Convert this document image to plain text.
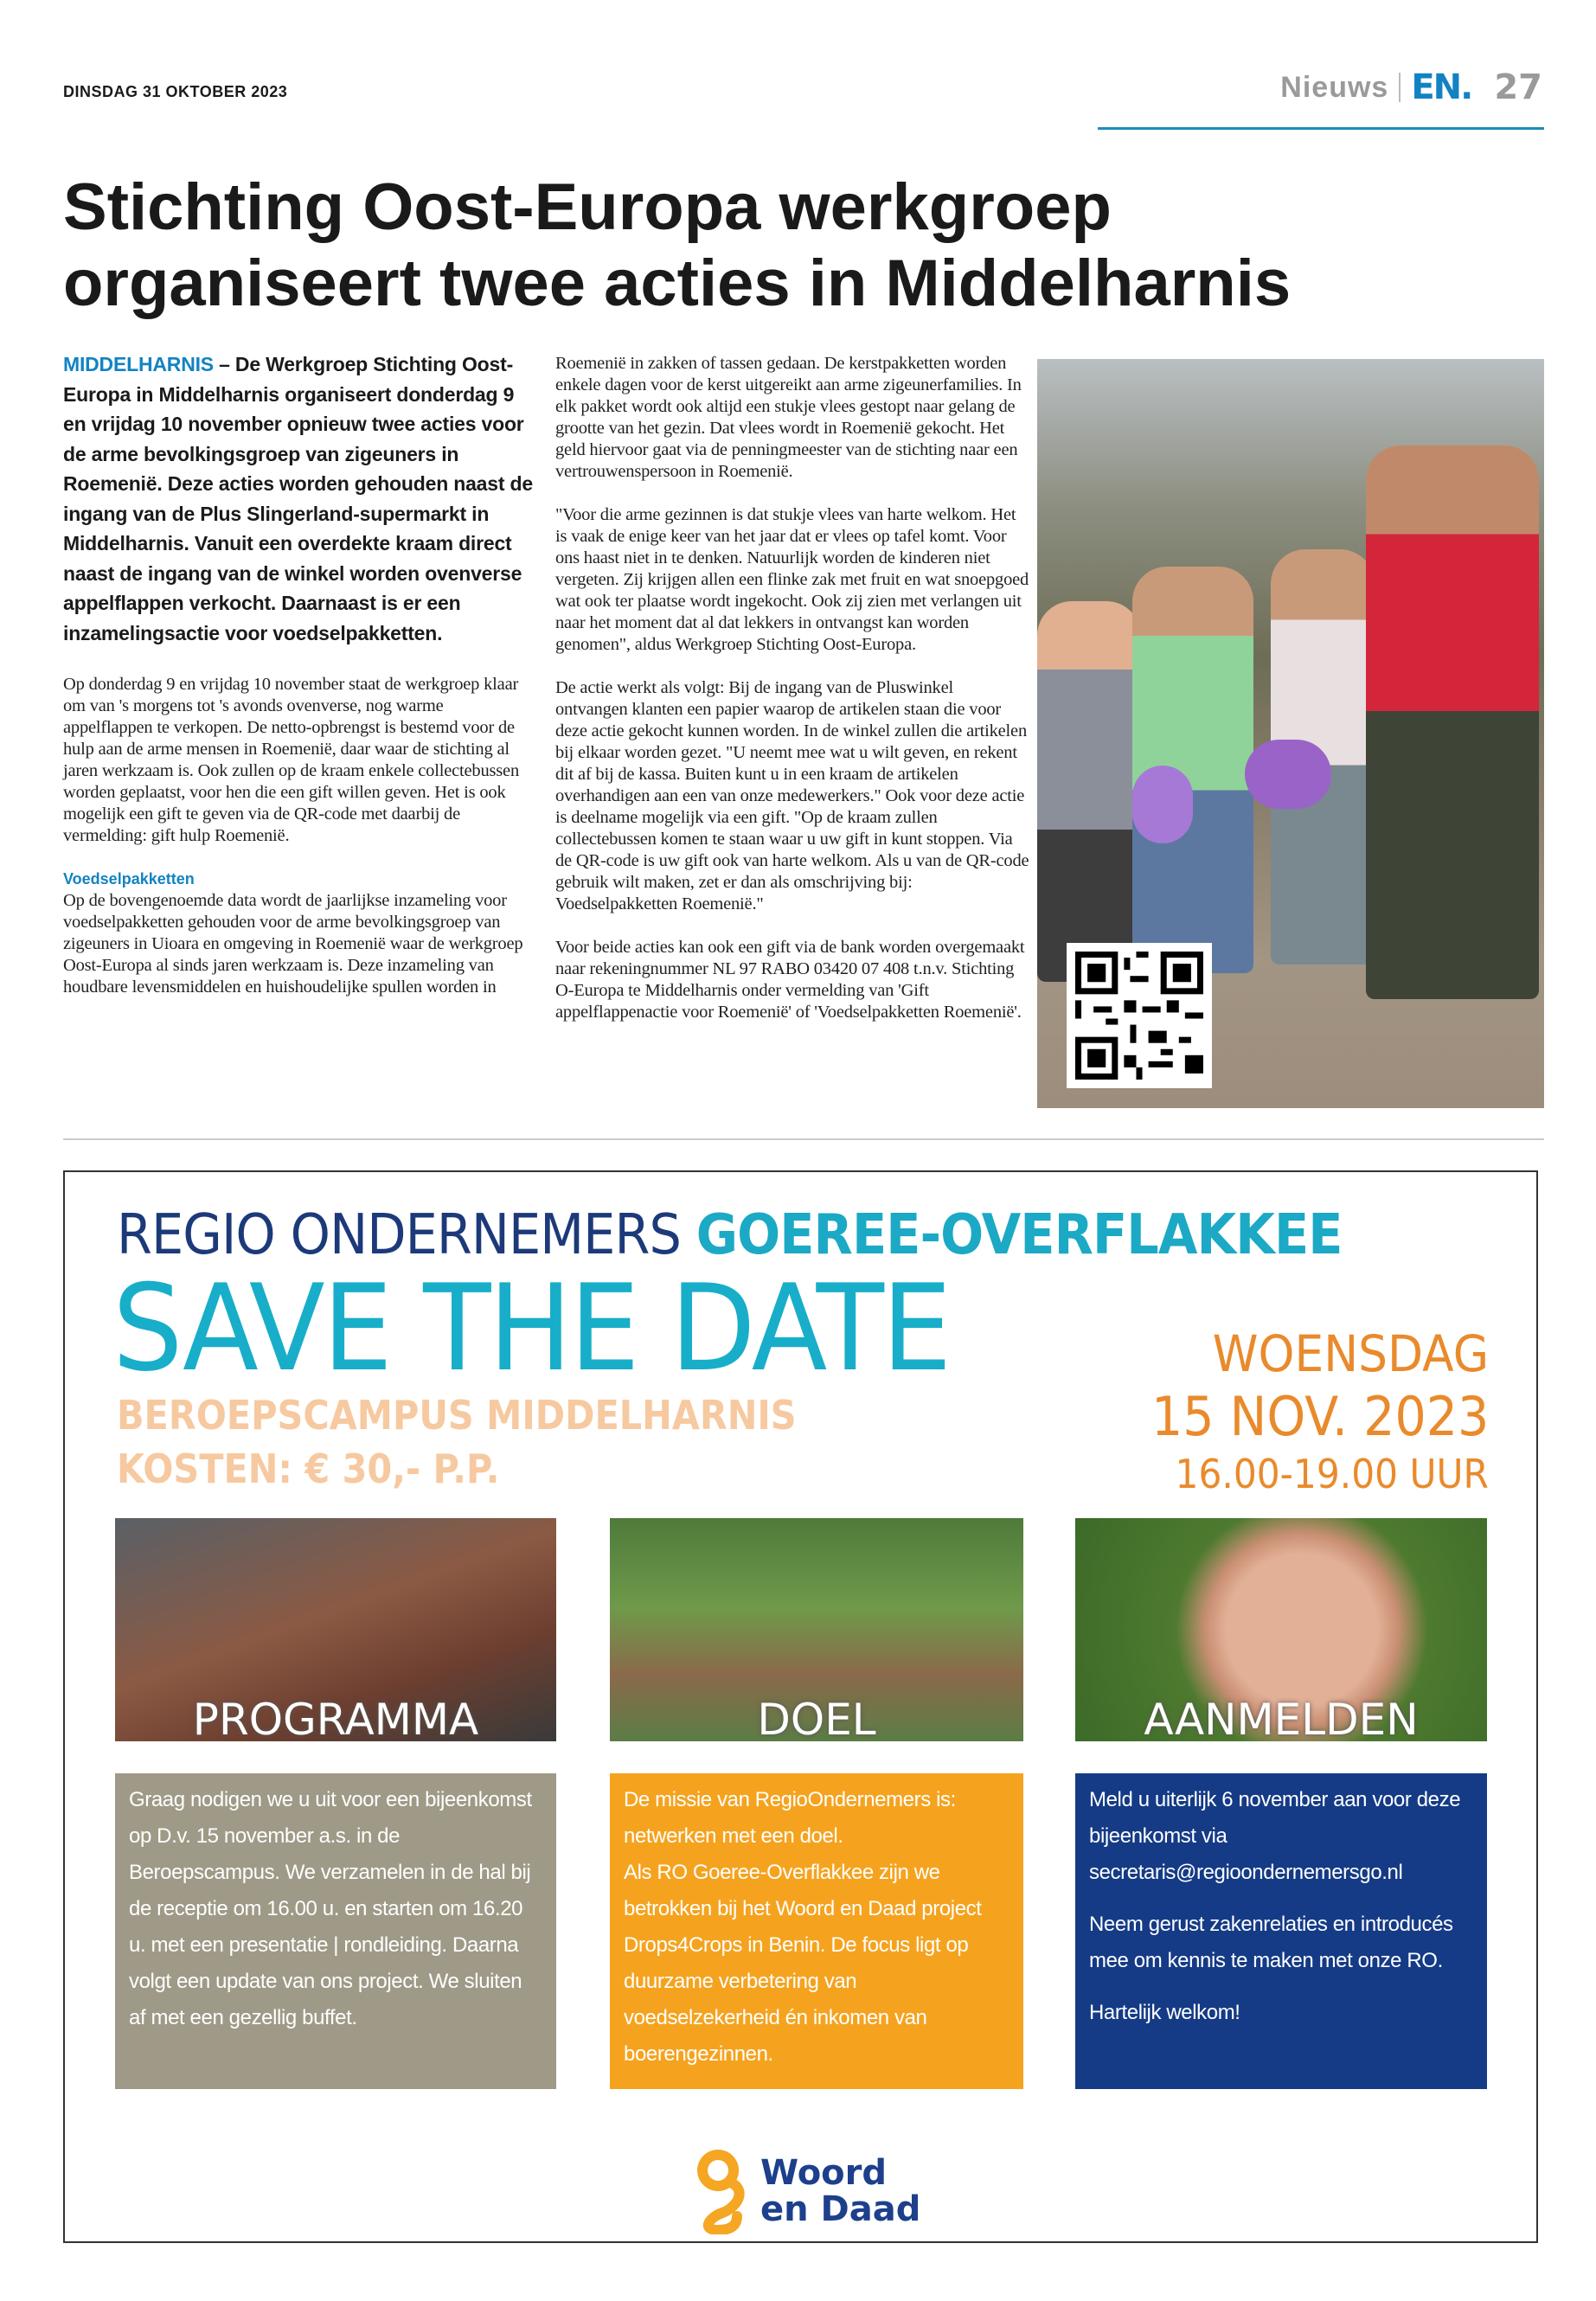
DINSDAG 31 OKTOBER 2023	Nieuws EN. 27
Stichting Oost-Europa werkgroep
organiseert twee acties in Middelharnis

MIDDELHARNIS – De Werkgroep Stichting Oost-Europa in Middelharnis organiseert donderdag 9 en vrijdag 10 november opnieuw twee acties voor de arme bevolkingsgroep van zigeuners in Roemenië. Deze acties worden gehouden naast de ingang van de Plus Slingerland-supermarkt in Middelharnis. Vanuit een overdekte kraam direct naast de ingang van de winkel worden ovenverse appelflappen verkocht. Daarnaast is er een inzamelingsactie voor voedselpakketten.

Op donderdag 9 en vrijdag 10 november staat de werkgroep klaar om van 's morgens tot 's avonds ovenverse, nog warme appelflappen te verkopen. De netto-opbrengst is bestemd voor de hulp aan de arme mensen in Roemenië, daar waar de stichting al jaren werkzaam is. Ook zullen op de kraam enkele collectebussen worden geplaatst, voor hen die een gift willen geven. Het is ook mogelijk een gift te geven via de QR-code met daarbij de vermelding: gift hulp Roemenië.

Voedselpakketten

Op de bovengenoemde data wordt de jaarlijkse inzameling voor voedselpakketten gehouden voor de arme bevolkingsgroep van zigeuners in Uioara en omgeving in Roemenië waar de werkgroep Oost-Europa al sinds jaren werkzaam is. Deze inzameling van houdbare levensmiddelen en huishoudelijke spullen worden in

Roemenië in zakken of tassen gedaan. De kerstpakketten worden enkele dagen voor de kerst uitgereikt aan arme zigeunerfamilies. In elk pakket wordt ook altijd een stukje vlees gestopt naar gelang de grootte van het gezin. Dat vlees wordt in Roemenië gekocht. Het geld hiervoor gaat via de penningmeester van de stichting naar een vertrouwenspersoon in Roemenië.

"Voor die arme gezinnen is dat stukje vlees van harte welkom. Het is vaak de enige keer van het jaar dat er vlees op tafel komt. Voor ons haast niet in te denken. Natuurlijk worden de kinderen niet vergeten. Zij krijgen allen een flinke zak met fruit en wat snoepgoed wat ook ter plaatse wordt ingekocht. Ook zij zien met verlangen uit naar het moment dat al dat lekkers in ontvangst kan worden genomen", aldus Werkgroep Stichting Oost-Europa.

De actie werkt als volgt: Bij de ingang van de Pluswinkel ontvangen klanten een papier waarop de artikelen staan die voor deze actie gekocht kunnen worden. In de winkel zullen die artikelen bij elkaar worden gezet. "U neemt mee wat u wilt geven, en rekent dit af bij de kassa. Buiten kunt u in een kraam de artikelen overhandigen aan een van onze medewerkers." Ook voor deze actie is deelname mogelijk via een gift. "Op de kraam zullen collectebussen komen te staan waar u uw gift in kunt stoppen. Via de QR-code is uw gift ook van harte welkom. Als u van de QR-code gebruik wilt maken, zet er dan als omschrijving bij: Voedselpakketten Roemenië."

Voor beide acties kan ook een gift via de bank worden overgemaakt naar rekeningnummer NL 97 RABO 03420 07 408 t.n.v. Stichting O-Europa te Middelharnis onder vermelding van 'Gift appelflappenactie voor Roemenië' of 'Voedselpakketten Roemenië'.

REGIO ONDERNEMERS GOEREE-OVERFLAKKEE
SAVE THE DATE
BEROEPSCAMPUS MIDDELHARNIS
KOSTEN: € 30,- P.P.
WOENSDAG
15 NOV. 2023
16.00-19.00 UUR
PROGRAMMA	DOEL	AANMELDEN

Graag nodigen we u uit voor een bijeenkomst op D.v. 15 november a.s. in de Beroepscampus. We verzamelen in de hal bij de receptie om 16.00 u. en starten om 16.20 u. met een presentatie | rondleiding. Daarna volgt een update van ons project. We sluiten af met een gezellig buffet.

De missie van RegioOndernemers is: netwerken met een doel.

Als RO Goeree-Overflakkee zijn we betrokken bij het Woord en Daad project Drops4Crops in Benin. De focus ligt op duurzame verbetering van voedselzekerheid én inkomen van boerengezinnen.

Meld u uiterlijk 6 november aan voor deze bijeenkomst via secretaris@regioondernemersgo.nl

Neem gerust zakenrelaties en introducés mee om kennis te maken met onze RO.

Hartelijk welkom!

Woord
en Daad
